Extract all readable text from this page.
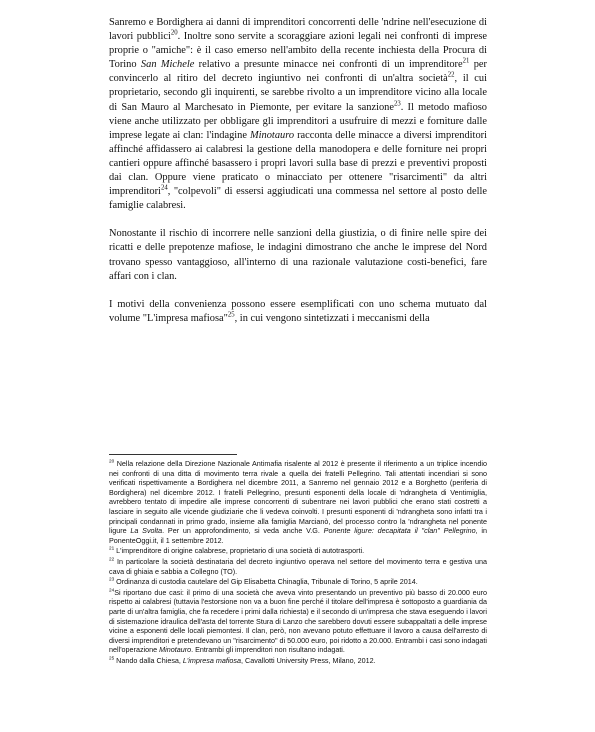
Sanremo e Bordighera ai danni di imprenditori concorrenti delle 'ndrine nell'esecuzione di lavori pubblici$^{20}$. Inoltre sono servite a scoraggiare azioni legali nei confronti di imprese proprie o "amiche": è il caso emerso nell'ambito della recente inchiesta della Procura di Torino San Michele relativo a presunte minacce nei confronti di un imprenditore$^{21}$ per convincerlo al ritiro del decreto ingiuntivo nei confronti di un'altra società$^{22}$, il cui proprietario, secondo gli inquirenti, se sarebbe rivolto a un imprenditore vicino alla locale di San Mauro al Marchesato in Piemonte, per evitare la sanzione$^{23}$. Il metodo mafioso viene anche utilizzato per obbligare gli imprenditori a usufruire di mezzi e forniture dalle imprese legate ai clan: l'indagine Minotauro racconta delle minacce a diversi imprenditori affinché affidassero ai calabresi la gestione della manodopera e delle forniture nei propri cantieri oppure affinché basassero i propri lavori sulla base di prezzi e preventivi proposti dai clan. Oppure viene praticato o minacciato per ottenere "risarcimenti" da altri imprenditori$^{24}$, "colpevoli" di essersi aggiudicati una commessa nel settore al posto delle famiglie calabresi.

Nonostante il rischio di incorrere nelle sanzioni della giustizia, o di finire nelle spire dei ricatti e delle prepotenze mafiose, le indagini dimostrano che anche le imprese del Nord trovano spesso vantaggioso, all'interno di una razionale valutazione costi-benefici, fare affari con i clan.

I motivi della convenienza possono essere esemplificati con uno schema mutuato dal volume "L'impresa mafiosa"$^{25}$, in cui vengono sintetizzati i meccanismi della

$^{20}$ Nella relazione della Direzione Nazionale Antimafia risalente al 2012 è presente il riferimento a un triplice incendio nei confronti di una ditta di movimento terra rivale a quella dei fratelli Pellegrino. Tali attentati incendiari si sono verificati rispettivamente a Bordighera nel dicembre 2011, a Sanremo nel gennaio 2012 e a Borghetto (periferia di Bordighera) nel dicembre 2012. I fratelli Pellegrino, presunti esponenti della locale di 'ndrangheta di Ventimiglia, avrebbero tentato di impedire alle imprese concorrenti di subentrare nei lavori pubblici che erano stati costretti a lasciare in seguito alle vicende giudiziarie che li vedeva coinvolti. I presunti esponenti di 'ndrangheta sono infatti tra i principali condannati in primo grado, insieme alla famiglia Marcianò, del processo contro la 'ndrangheta nel ponente ligure La Svolta. Per un approfondimento, si veda anche V.G. Ponente ligure: decapitata il "clan" Pellegrino, in PonenteOggi.it, il 1 settembre 2012.

$^{21}$ L'imprenditore di origine calabrese, proprietario di una società di autotrasporti.

$^{22}$ In particolare la società destinataria del decreto ingiuntivo operava nel settore del movimento terra e gestiva una cava di ghiaia e sabbia a Collegno (TO).

$^{23}$ Ordinanza di custodia cautelare del Gip Elisabetta Chinaglia, Tribunale di Torino, 5 aprile 2014.

$^{24}$Si riportano due casi: il primo di una società che aveva vinto presentando un preventivo più basso di 20.000 euro rispetto ai calabresi (tuttavia l'estorsione non va a buon fine perché il titolare dell'impresa è sottoposto a guardiania da parte di un'altra famiglia, che fa recedere i primi dalla richiesta) e il secondo di un'impresa che stava eseguendo i lavori di sistemazione idraulica dell'asta del torrente Stura di Lanzo che sarebbero dovuti essere subappaltati a delle imprese vicine a esponenti delle locali piemontesi. Il clan, però, non avevano potuto effettuare il lavoro a causa dell'arresto di diversi imprenditori e pretendevano un "risarcimento" di 50.000 euro, poi ridotto a 20.000. Entrambi i casi sono indagati nell'operazione Minotauro. Entrambi gli imprenditori non risultano indagati.

$^{25}$ Nando dalla Chiesa, L'impresa mafiosa, Cavallotti University Press, Milano, 2012.
